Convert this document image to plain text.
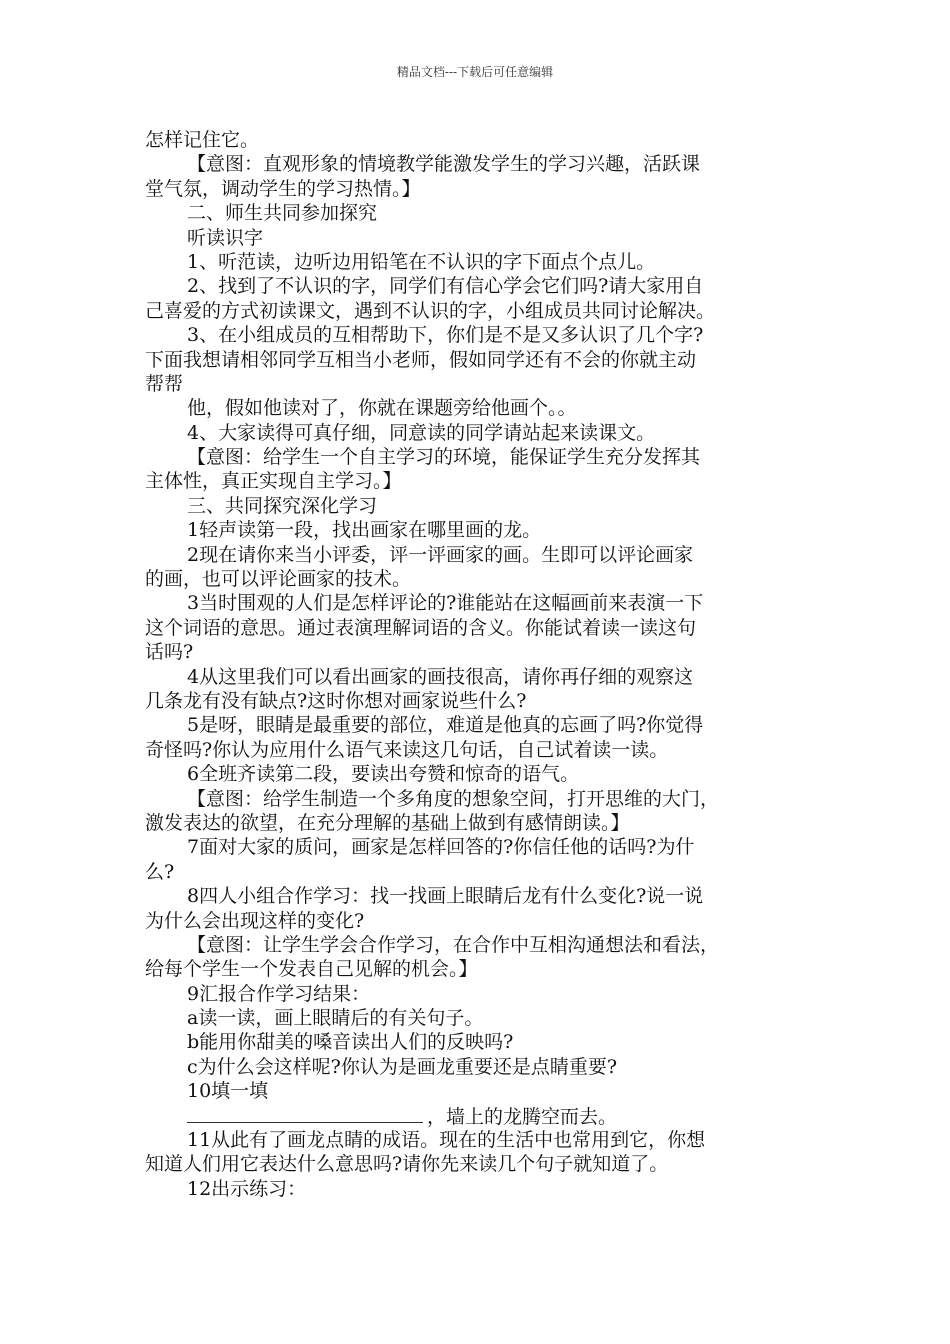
精品文档---下载后可任意编辑
怎样记住它。
【意图：直观形象的情境教学能激发学生的学习兴趣，活跃课
堂气氛，调动学生的学习热情。】
二、师生共同参加探究
听读识字
1、听范读，边听边用铅笔在不认识的字下面点个点儿。
2、找到了不认识的字，同学们有信心学会它们吗?请大家用自
己喜爱的方式初读课文，遇到不认识的字，小组成员共同讨论解决。
3、在小组成员的互相帮助下，你们是不是又多认识了几个字?
下面我想请相邻同学互相当小老师，假如同学还有不会的你就主动
帮帮
他，假如他读对了，你就在课题旁给他画个。。
4、大家读得可真仔细，同意读的同学请站起来读课文。
【意图：给学生一个自主学习的环境，能保证学生充分发挥其
主体性，真正实现自主学习。】
三、共同探究深化学习
1轻声读第一段，找出画家在哪里画的龙。
2现在请你来当小评委，评一评画家的画。生即可以评论画家
的画，也可以评论画家的技术。
3当时围观的人们是怎样评论的?谁能站在这幅画前来表演一下
这个词语的意思。通过表演理解词语的含义。你能试着读一读这句
话吗?
4从这里我们可以看出画家的画技很高，请你再仔细的观察这
几条龙有没有缺点?这时你想对画家说些什么?
5是呀，眼睛是最重要的部位，难道是他真的忘画了吗?你觉得
奇怪吗?你认为应用什么语气来读这几句话，自己试着读一读。
6全班齐读第二段，要读出夸赞和惊奇的语气。
【意图：给学生制造一个多角度的想象空间，打开思维的大门，
激发表达的欲望，在充分理解的基础上做到有感情朗读。】
7面对大家的质问，画家是怎样回答的?你信任他的话吗?为什
么?
8四人小组合作学习：找一找画上眼睛后龙有什么变化?说一说
为什么会出现这样的变化?
【意图：让学生学会合作学习，在合作中互相沟通想法和看法，
给每个学生一个发表自己见解的机会。】
9汇报合作学习结果：
a读一读，画上眼睛后的有关句子。
b能用你甜美的嗓音读出人们的反映吗?
c为什么会这样呢?你认为是画龙重要还是点睛重要?
10填一填
，墙上的龙腾空而去。
11从此有了画龙点睛的成语。现在的生活中也常用到它，你想
知道人们用它表达什么意思吗?请你先来读几个句子就知道了。
12出示练习：
